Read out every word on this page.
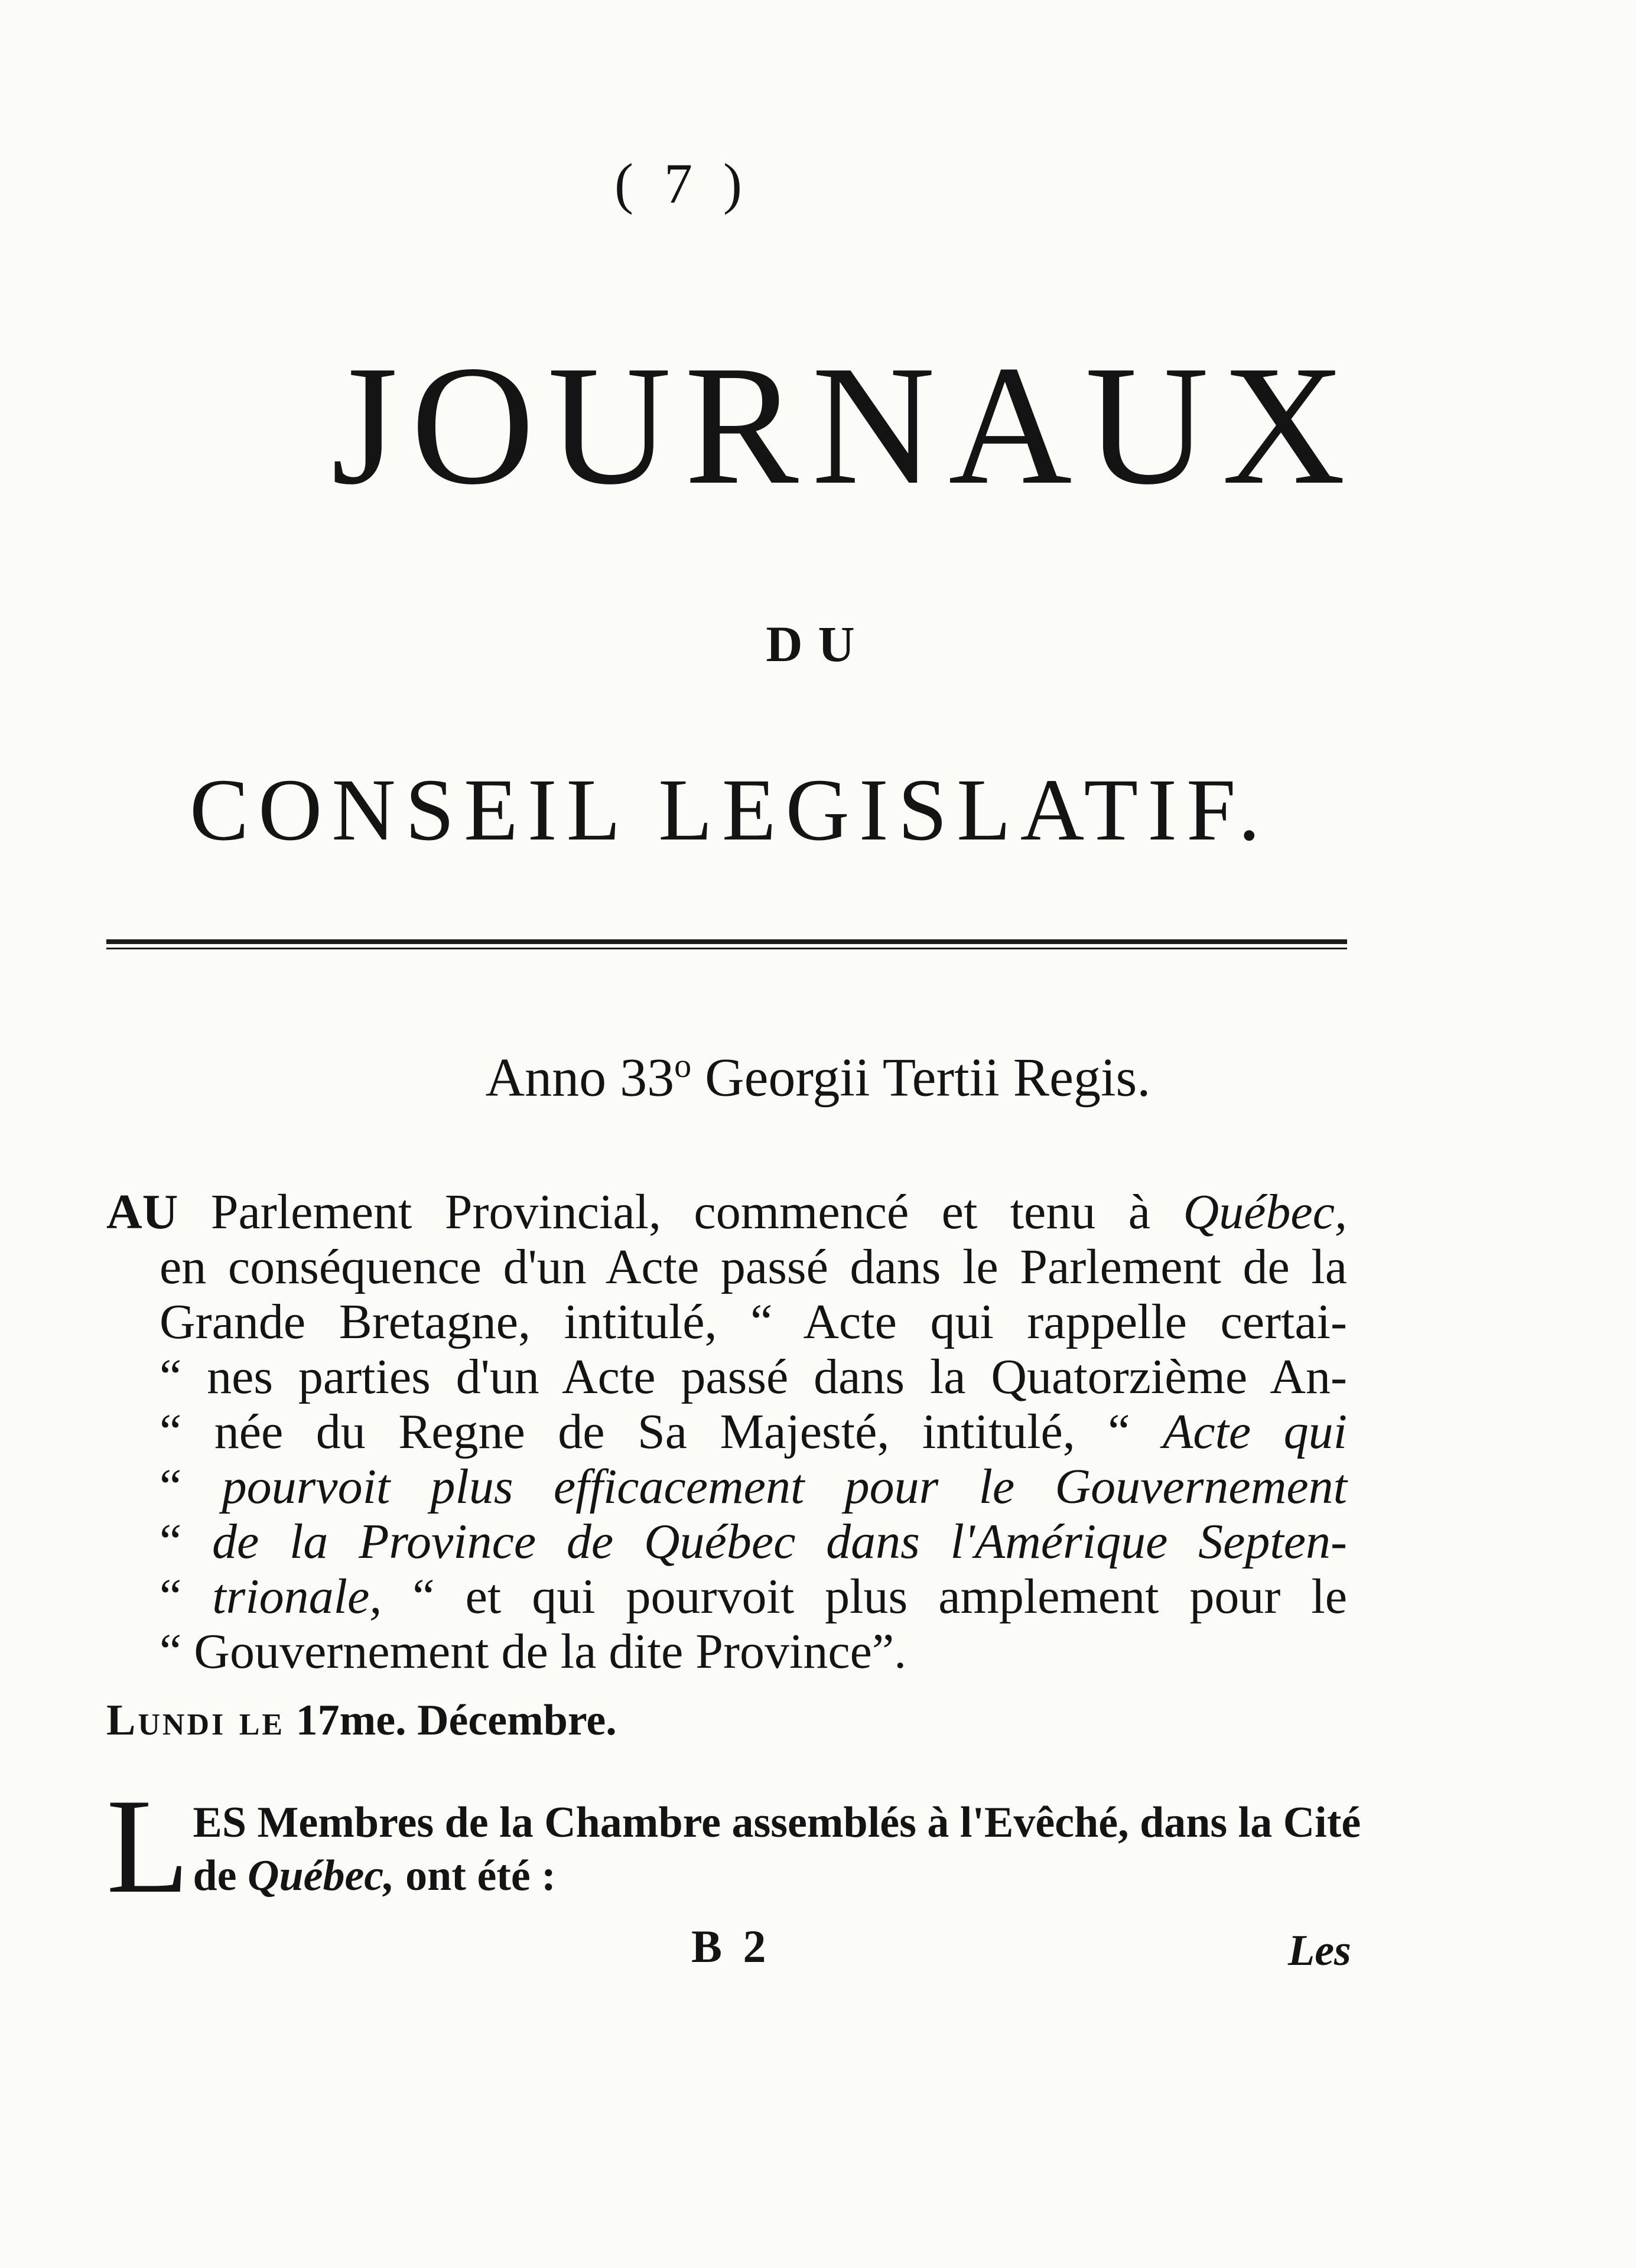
( 7 )
JOURNAUX
DU
CONSEIL LEGISLATIF.
Anno 33$^o$ Georgii Tertii Regis.
AU Parlement Provincial, commencé et tenu à Québec,
en conséquence d'un Acte passé dans le Parlement de la
Grande Bretagne, intitulé, “ Acte qui rappelle certai-
“ nes parties d'un Acte passé dans la Quatorzième An-
“ née du Regne de Sa Majesté, intitulé, “ Acte qui
“ pourvoit plus efficacement pour le Gouvernement
“ de la Province de Québec dans l'Amérique Septen-
“ trionale, “ et qui pourvoit plus amplement pour le
“ Gouvernement de la dite Province”.
Lundi le 17me. Décembre.
L ES Membres de la Chambre assemblés à l'Evêché, dans la Cité
de Québec, ont été :
B 2	Les
